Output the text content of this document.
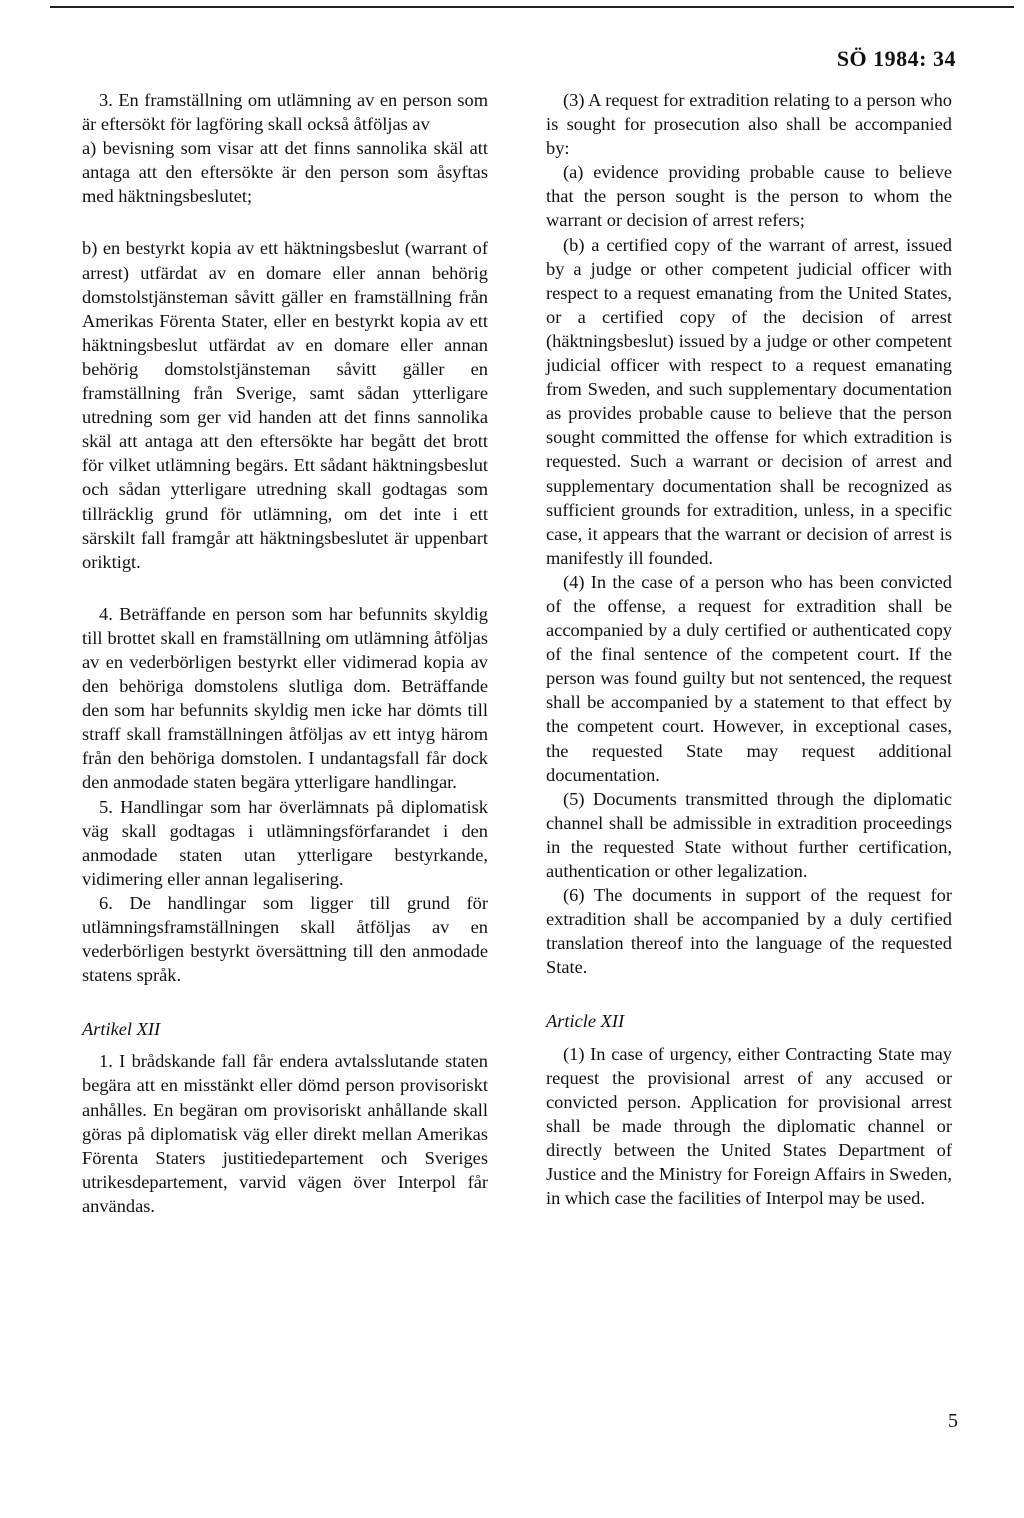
SÖ 1984: 34

3. En framställning om utlämning av en person som är eftersökt för lagföring skall också åtföljas av

a) bevisning som visar att det finns sannolika skäl att antaga att den eftersökte är den person som åsyftas med häktningsbeslutet;

b) en bestyrkt kopia av ett häktningsbeslut (warrant of arrest) utfärdat av en domare eller annan behörig domstolstjänsteman såvitt gäller en framställning från Amerikas Förenta Stater, eller en bestyrkt kopia av ett häktningsbeslut utfärdat av en domare eller annan behörig domstolstjänsteman såvitt gäller en framställning från Sverige, samt sådan ytterligare utredning som ger vid handen att det finns sannolika skäl att antaga att den eftersökte har begått det brott för vilket utlämning begärs. Ett sådant häktningsbeslut och sådan ytterligare utredning skall godtagas som tillräcklig grund för utlämning, om det inte i ett särskilt fall framgår att häktningsbeslutet är uppenbart oriktigt.

4. Beträffande en person som har befunnits skyldig till brottet skall en framställning om utlämning åtföljas av en vederbörligen bestyrkt eller vidimerad kopia av den behöriga domstolens slutliga dom. Beträffande den som har befunnits skyldig men icke har dömts till straff skall framställningen åtföljas av ett intyg härom från den behöriga domstolen. I undantagsfall får dock den anmodade staten begära ytterligare handlingar.

5. Handlingar som har överlämnats på diplomatisk väg skall godtagas i utlämningsförfarandet i den anmodade staten utan ytterligare bestyrkande, vidimering eller annan legalisering.

6. De handlingar som ligger till grund för utlämningsframställningen skall åtföljas av en vederbörligen bestyrkt översättning till den anmodade statens språk.

Artikel XII

1. I brådskande fall får endera avtalsslutande staten begära att en misstänkt eller dömd person provisoriskt anhålles. En begäran om provisoriskt anhållande skall göras på diplomatisk väg eller direkt mellan Amerikas Förenta Staters justitiedepartement och Sveriges utrikesdepartement, varvid vägen över Interpol får användas.

(3) A request for extradition relating to a person who is sought for prosecution also shall be accompanied by:

(a) evidence providing probable cause to believe that the person sought is the person to whom the warrant or decision of arrest refers;

(b) a certified copy of the warrant of arrest, issued by a judge or other competent judicial officer with respect to a request emanating from the United States, or a certified copy of the decision of arrest (häktningsbeslut) issued by a judge or other competent judicial officer with respect to a request emanating from Sweden, and such supplementary documentation as provides probable cause to believe that the person sought committed the offense for which extradition is requested. Such a warrant or decision of arrest and supplementary documentation shall be recognized as sufficient grounds for extradition, unless, in a specific case, it appears that the warrant or decision of arrest is manifestly ill founded.

(4) In the case of a person who has been convicted of the offense, a request for extradition shall be accompanied by a duly certified or authenticated copy of the final sentence of the competent court. If the person was found guilty but not sentenced, the request shall be accompanied by a statement to that effect by the competent court. However, in exceptional cases, the requested State may request additional documentation.

(5) Documents transmitted through the diplomatic channel shall be admissible in extradition proceedings in the requested State without further certification, authentication or other legalization.

(6) The documents in support of the request for extradition shall be accompanied by a duly certified translation thereof into the language of the requested State.

Article XII

(1) In case of urgency, either Contracting State may request the provisional arrest of any accused or convicted person. Application for provisional arrest shall be made through the diplomatic channel or directly between the United States Department of Justice and the Ministry for Foreign Affairs in Sweden, in which case the facilities of Interpol may be used.

5
